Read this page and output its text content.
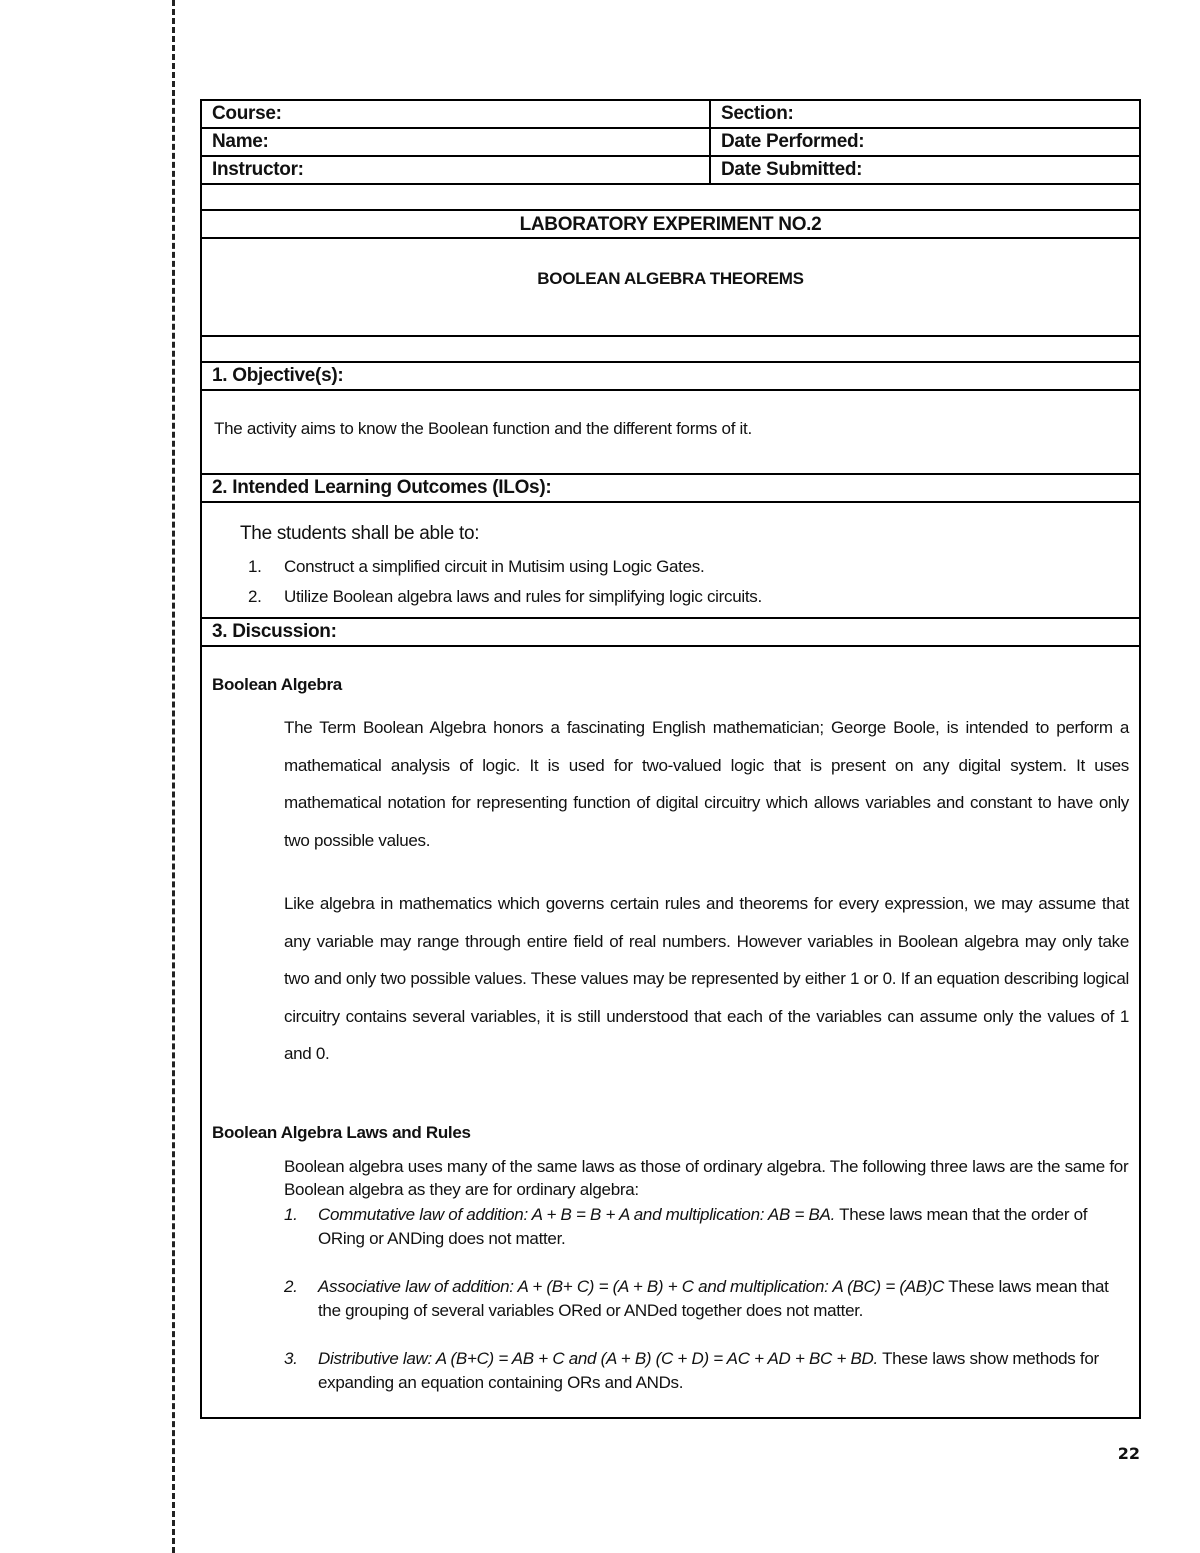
Course:	Section:
Name:	Date Performed:
Instructor:	Date Submitted:
LABORATORY EXPERIMENT NO.2
BOOLEAN ALGEBRA THEOREMS
1. Objective(s):
The activity aims to know the Boolean function and the different forms of it.
2. Intended Learning Outcomes (ILOs):
The students shall be able to:
1.	Construct a simplified circuit in Mutisim using Logic Gates.
2.	Utilize Boolean algebra laws and rules for simplifying logic circuits.
3. Discussion:
Boolean Algebra
The Term Boolean Algebra honors a fascinating English mathematician; George Boole, is intended to perform a mathematical analysis of logic. It is used for two-valued logic that is present on any digital system. It uses mathematical notation for representing function of digital circuitry which allows variables and constant to have only two possible values.
Like algebra in mathematics which governs certain rules and theorems for every expression, we may assume that any variable may range through entire field of real numbers. However variables in Boolean algebra may only take two and only two possible values. These values may be represented by either 1 or 0. If an equation describing logical circuitry contains several variables, it is still understood that each of the variables can assume only the values of 1 and 0.
Boolean Algebra Laws and Rules
Boolean algebra uses many of the same laws as those of ordinary algebra. The following three laws are the same for Boolean algebra as they are for ordinary algebra:
1.	Commutative law of addition: A + B = B + A and multiplication: AB = BA. These laws mean that the order of ORing or ANDing does not matter.
2.	Associative law of addition: A + (B+ C) = (A + B) + C and multiplication: A (BC) = (AB)C These laws mean that the grouping of several variables ORed or ANDed together does not matter.
3.	Distributive law: A (B+C) = AB + C and (A + B) (C + D) = AC + AD + BC + BD. These laws show methods for expanding an equation containing ORs and ANDs.
22
